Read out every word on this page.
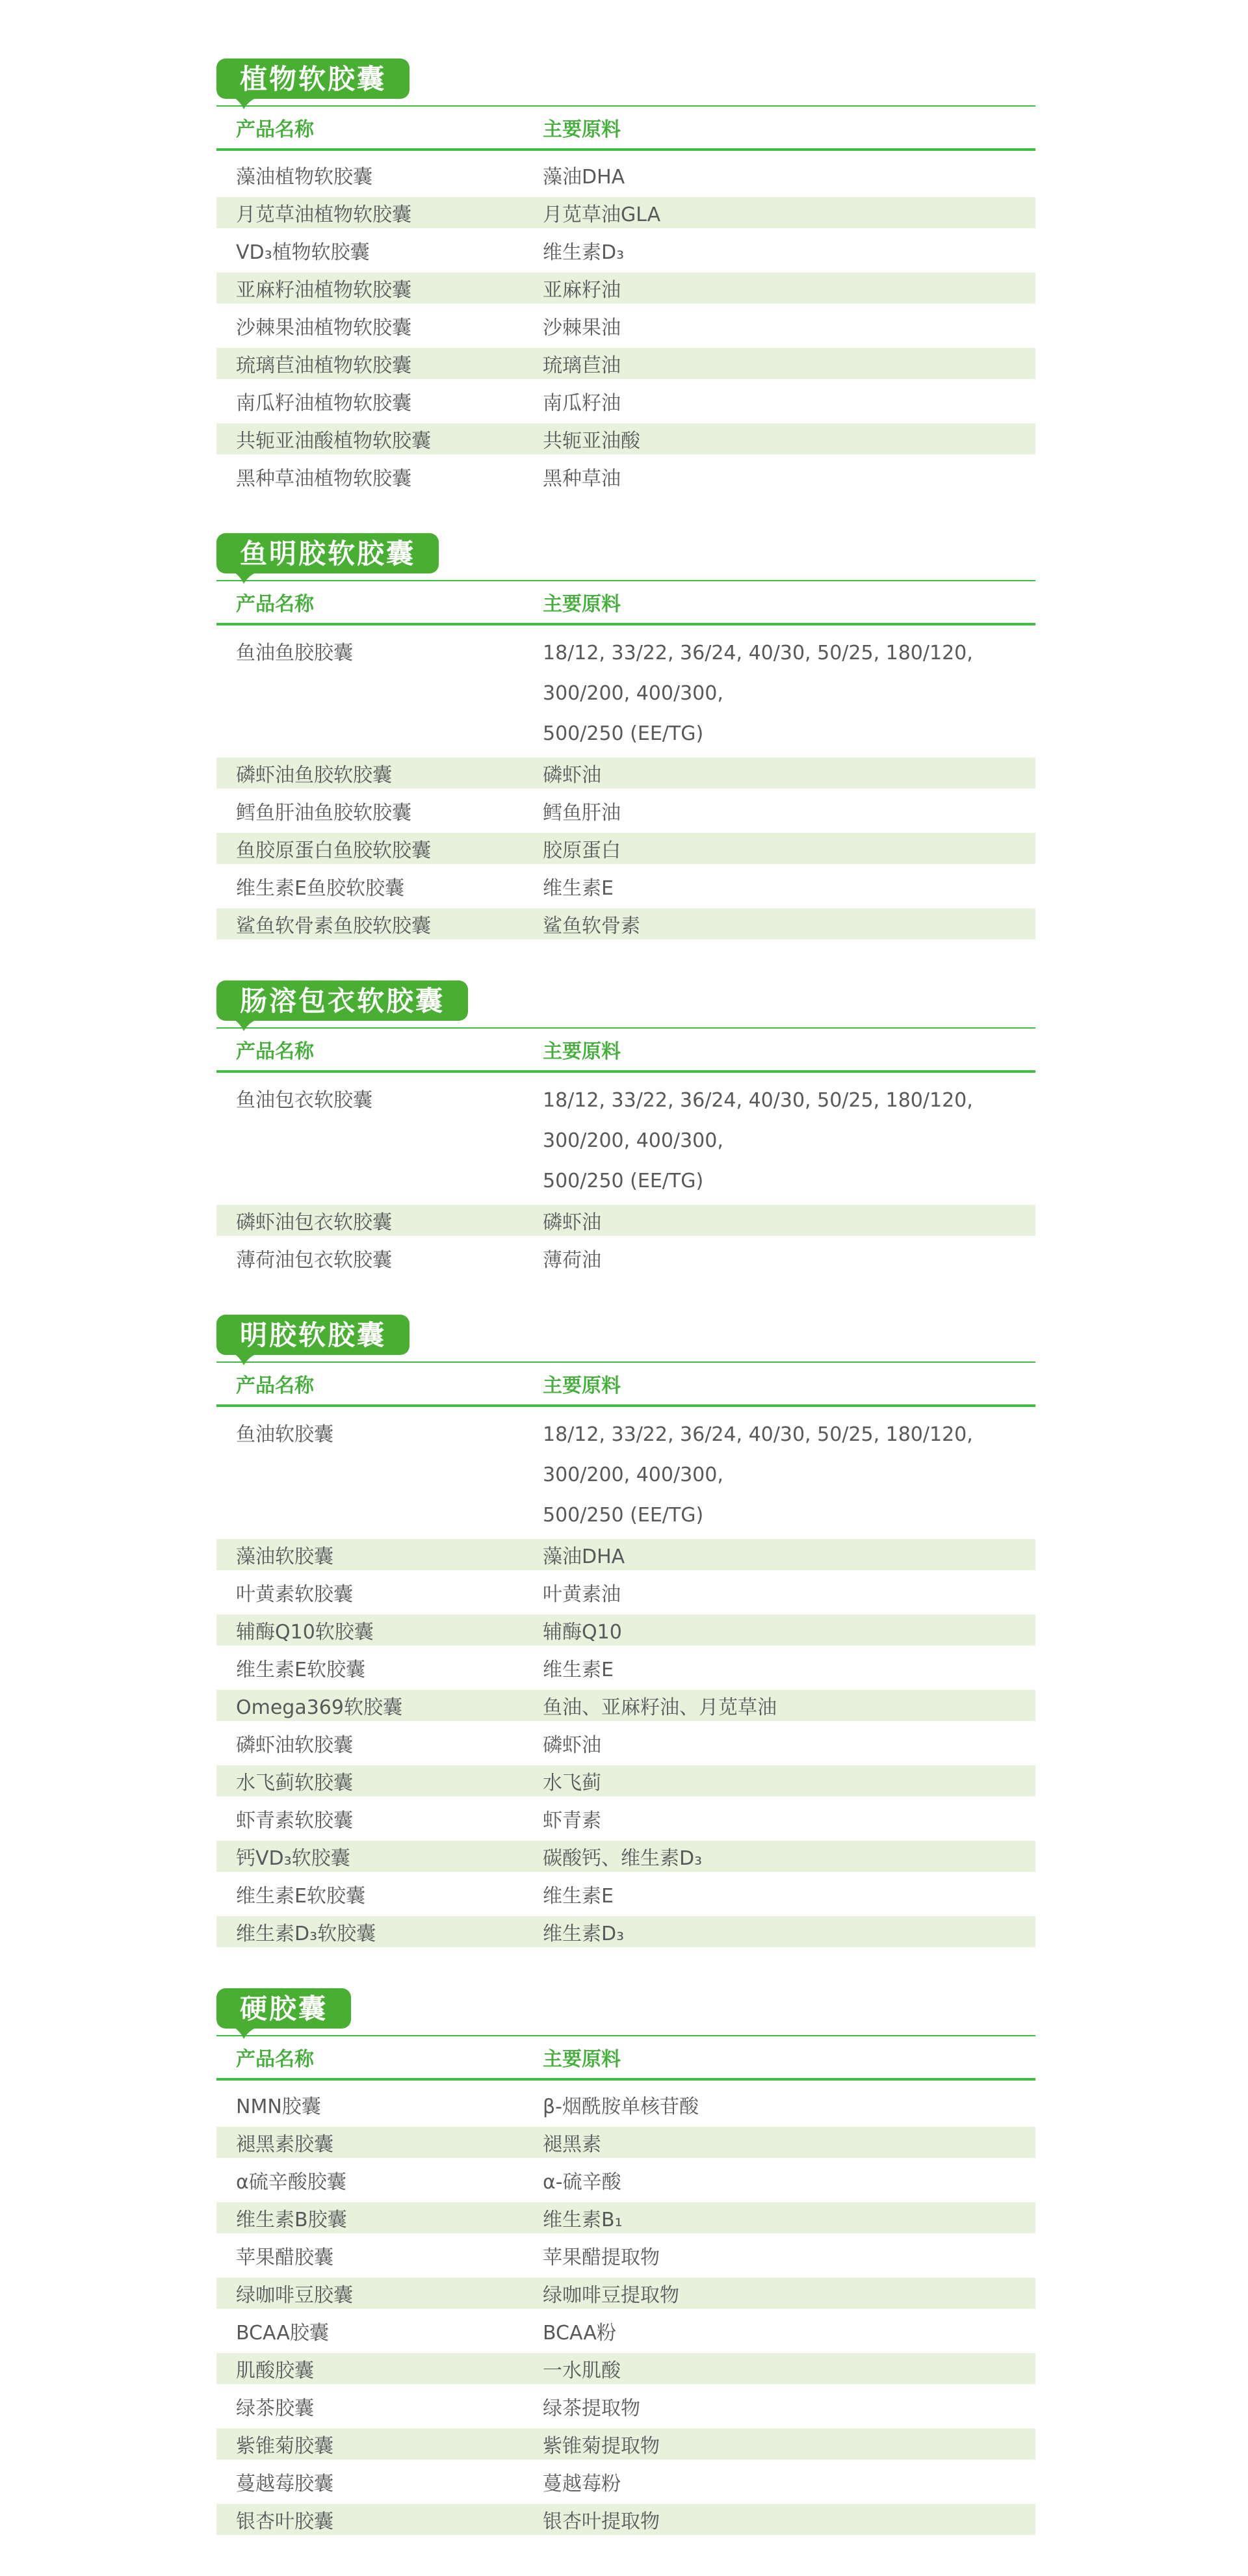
植物软胶囊
产品名称	主要原料
藻油植物软胶囊	藻油DHA
月苋草油植物软胶囊	月苋草油GLA
VD₃植物软胶囊	维生素D₃
亚麻籽油植物软胶囊	亚麻籽油
沙棘果油植物软胶囊	沙棘果油
琉璃苣油植物软胶囊	琉璃苣油
南瓜籽油植物软胶囊	南瓜籽油
共轭亚油酸植物软胶囊	共轭亚油酸
黑种草油植物软胶囊	黑种草油
鱼明胶软胶囊
产品名称	主要原料
鱼油鱼胶胶囊	18/12, 33/22, 36/24, 40/30, 50/25, 180/120, 300/200, 400/300,
500/250 (EE/TG)
磷虾油鱼胶软胶囊	磷虾油
鳕鱼肝油鱼胶软胶囊	鳕鱼肝油
鱼胶原蛋白鱼胶软胶囊	胶原蛋白
维生素E鱼胶软胶囊	维生素E
鲨鱼软骨素鱼胶软胶囊	鲨鱼软骨素
肠溶包衣软胶囊
产品名称	主要原料
鱼油包衣软胶囊	18/12, 33/22, 36/24, 40/30, 50/25, 180/120, 300/200, 400/300,
500/250 (EE/TG)
磷虾油包衣软胶囊	磷虾油
薄荷油包衣软胶囊	薄荷油
明胶软胶囊
产品名称	主要原料
鱼油软胶囊	18/12, 33/22, 36/24, 40/30, 50/25, 180/120, 300/200, 400/300,
500/250 (EE/TG)
藻油软胶囊	藻油DHA
叶黄素软胶囊	叶黄素油
辅酶Q10软胶囊	辅酶Q10
维生素E软胶囊	维生素E
Omega369软胶囊	鱼油、亚麻籽油、月苋草油
磷虾油软胶囊	磷虾油
水飞蓟软胶囊	水飞蓟
虾青素软胶囊	虾青素
钙VD₃软胶囊	碳酸钙、维生素D₃
维生素E软胶囊	维生素E
维生素D₃软胶囊	维生素D₃
硬胶囊
产品名称	主要原料
NMN胶囊	β-烟酰胺单核苷酸
褪黑素胶囊	褪黑素
α硫辛酸胶囊	α-硫辛酸
维生素B胶囊	维生素B₁
苹果醋胶囊	苹果醋提取物
绿咖啡豆胶囊	绿咖啡豆提取物
BCAA胶囊	BCAA粉
肌酸胶囊	一水肌酸
绿茶胶囊	绿茶提取物
紫锥菊胶囊	紫锥菊提取物
蔓越莓胶囊	蔓越莓粉
银杏叶胶囊	银杏叶提取物
